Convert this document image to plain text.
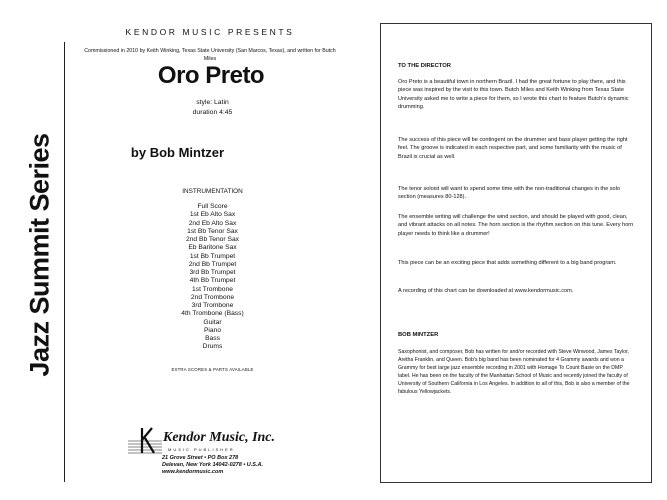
Jazz Summit Series
KENDOR MUSIC PRESENTS
Commissioned in 2010 by Keith Winking, Texas State University (San Marcos, Texas), and written for Butch Miles
Oro Preto
style: Latin
duration 4:45
by Bob Mintzer
INSTRUMENTATION
Full Score
1st Eb Alto Sax
2nd Eb Alto Sax
1st Bb Tenor Sax
2nd Bb Tenor Sax
Eb Baritone Sax
1st Bb Trumpet
2nd Bb Trumpet
3rd Bb Trumpet
4th Bb Trumpet
1st Trombone
2nd Trombone
3rd Trombone
4th Trombone (Bass)
Guitar
Piano
Bass
Drums
EXTRA SCORES & PARTS AVAILABLE
Kendor Music, Inc.
MUSIC PUBLISHER
21 Grove Street • PO Box 278
Delevan, New York 14042-0278 • U.S.A.
www.kendormusic.com
TO THE DIRECTOR
Oro Preto is a beautiful town in northern Brazil. I had the great fortune to play there, and this piece was inspired by the visit to this town. Butch Miles and Keith Winking from Texas State University asked me to write a piece for them, so I wrote this chart to feature Butch's dynamic drumming.
The success of this piece will be contingent on the drummer and bass player getting the right feel. The groove is indicated in each respective part, and some familiarity with the music of Brazil is crucial as well.
The tenor soloist will want to spend some time with the non-traditional changes in the solo section (measures 80-128).
The ensemble writing will challenge the wind section, and should be played with good, clean, and vibrant attacks on all notes. The horn section is the rhythm section on this tune. Every horn player needs to think like a drummer!
This piece can be an exciting piece that adds something different to a big band program.
A recording of this chart can be downloaded at www.kendormusic.com.
BOB MINTZER
Saxophonist, and composer, Bob has written for and/or recorded with Steve Winwood, James Taylor, Aretha Franklin, and Queen. Bob's big band has been nominated for 4 Grammy awards and won a Grammy for best large jazz ensemble recording in 2001 with Homage To Count Basie on the DMP label. He has been on the faculty of the Manhattan School of Music and recently joined the faculty of University of Southern California in Los Angeles. In addition to all of this, Bob is also a member of the fabulous Yellowjackets.
